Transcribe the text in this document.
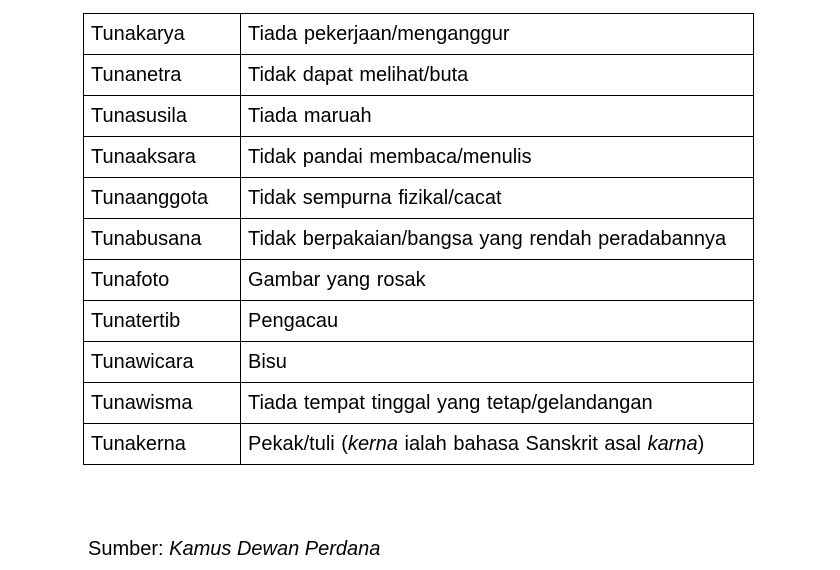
Tunakarya	Tiada pekerjaan/menganggur
Tunanetra	Tidak dapat melihat/buta
Tunasusila	Tiada maruah
Tunaaksara	Tidak pandai membaca/menulis
Tunaanggota	Tidak sempurna fizikal/cacat
Tunabusana	Tidak berpakaian/bangsa yang rendah peradabannya
Tunafoto	Gambar yang rosak
Tunatertib	Pengacau
Tunawicara	Bisu
Tunawisma	Tiada tempat tinggal yang tetap/gelandangan
Tunakerna	Pekak/tuli (kerna ialah bahasa Sanskrit asal karna)
Sumber: Kamus Dewan Perdana
